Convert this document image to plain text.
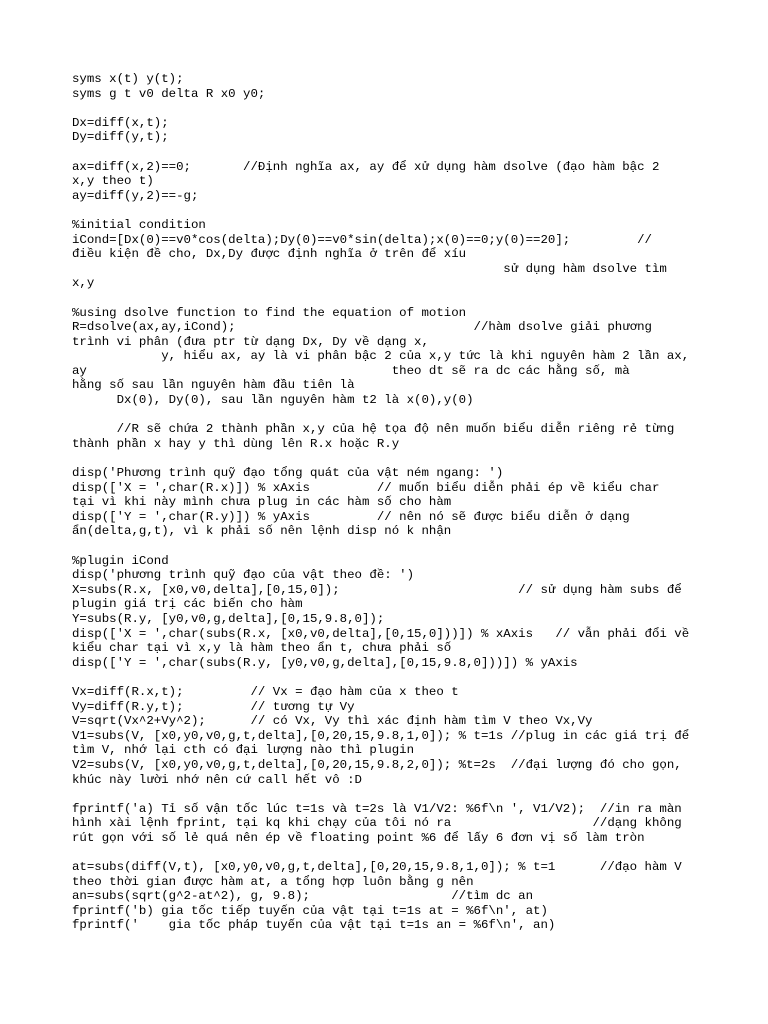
syms x(t) y(t);
syms g t v0 delta R x0 y0;

Dx=diff(x,t);
Dy=diff(y,t);

ax=diff(x,2)==0;       //Định nghĩa ax, ay để xử dụng hàm dsolve (đạo hàm bậc 2
x,y theo t)
ay=diff(y,2)==-g;

%initial condition
iCond=[Dx(0)==v0*cos(delta);Dy(0)==v0*sin(delta);x(0)==0;y(0)==20];         //
điều kiện đề cho, Dx,Dy được định nghĩa ở trên để xíu
sử dụng hàm dsolve tìm
x,y

%using dsolve function to find the equation of motion
R=dsolve(ax,ay,iCond);                                //hàm dsolve giải phương
trình vi phân (đưa ptr từ dạng Dx, Dy về dạng x,
y, hiểu ax, ay là vi phân bậc 2 của x,y tức là khi nguyên hàm 2 lần ax,
ay                                         theo dt sẽ ra dc các hằng số, mà
hằng số sau lần nguyên hàm đầu tiên là
Dx(0), Dy(0), sau lần nguyên hàm t2 là x(0),y(0)

//R sẽ chứa 2 thành phần x,y của hệ tọa độ nên muốn biểu diễn riêng rẻ từng
thành phần x hay y thì dùng lên R.x hoặc R.y

disp('Phương trình quỹ đạo tổng quát của vật ném ngang: ')
disp(['X = ',char(R.x)]) % xAxis         // muốn biểu diễn phải ép về kiểu char
tại vì khi này mình chưa plug in các hàm số cho hàm
disp(['Y = ',char(R.y)]) % yAxis         // nên nó sẽ được biểu diễn ở dạng
ẩn(delta,g,t), vì k phải số nên lệnh disp nó k nhận

%plugin iCond
disp('phương trình quỹ đạo của vật theo đề: ')
X=subs(R.x, [x0,v0,delta],[0,15,0]);                        // sử dụng hàm subs để
plugin giá trị các biến cho hàm
Y=subs(R.y, [y0,v0,g,delta],[0,15,9.8,0]);
disp(['X = ',char(subs(R.x, [x0,v0,delta],[0,15,0]))]) % xAxis   // vẫn phải đổi về
kiểu char tại vì x,y là hàm theo ẩn t, chưa phải số
disp(['Y = ',char(subs(R.y, [y0,v0,g,delta],[0,15,9.8,0]))]) % yAxis

Vx=diff(R.x,t);         // Vx = đạo hàm của x theo t
Vy=diff(R.y,t);         // tương tự Vy
V=sqrt(Vx^2+Vy^2);      // có Vx, Vy thì xác định hàm tìm V theo Vx,Vy
V1=subs(V, [x0,y0,v0,g,t,delta],[0,20,15,9.8,1,0]); % t=1s //plug in các giá trị để
tìm V, nhớ lại cth có đại lượng nào thì plugin
V2=subs(V, [x0,y0,v0,g,t,delta],[0,20,15,9.8,2,0]); %t=2s  //đại lượng đó cho gọn,
khúc này lười nhớ nên cứ call hết vô :D

fprintf('a) Tỉ số vận tốc lúc t=1s và t=2s là V1/V2: %6f\n ', V1/V2);  //in ra màn
hình xài lệnh fprint, tại kq khi chạy của tôi nó ra                   //dạng không
rút gọn với số lẻ quá nên ép về floating point %6 để lấy 6 đơn vị số làm tròn

at=subs(diff(V,t), [x0,y0,v0,g,t,delta],[0,20,15,9.8,1,0]); % t=1      //đạo hàm V
theo thời gian được hàm at, a tổng hợp luôn bằng g nên
an=subs(sqrt(g^2-at^2), g, 9.8);                   //tìm dc an
fprintf('b) gia tốc tiếp tuyến của vật tại t=1s at = %6f\n', at)
fprintf('    gia tốc pháp tuyến của vật tại t=1s an = %6f\n', an)
